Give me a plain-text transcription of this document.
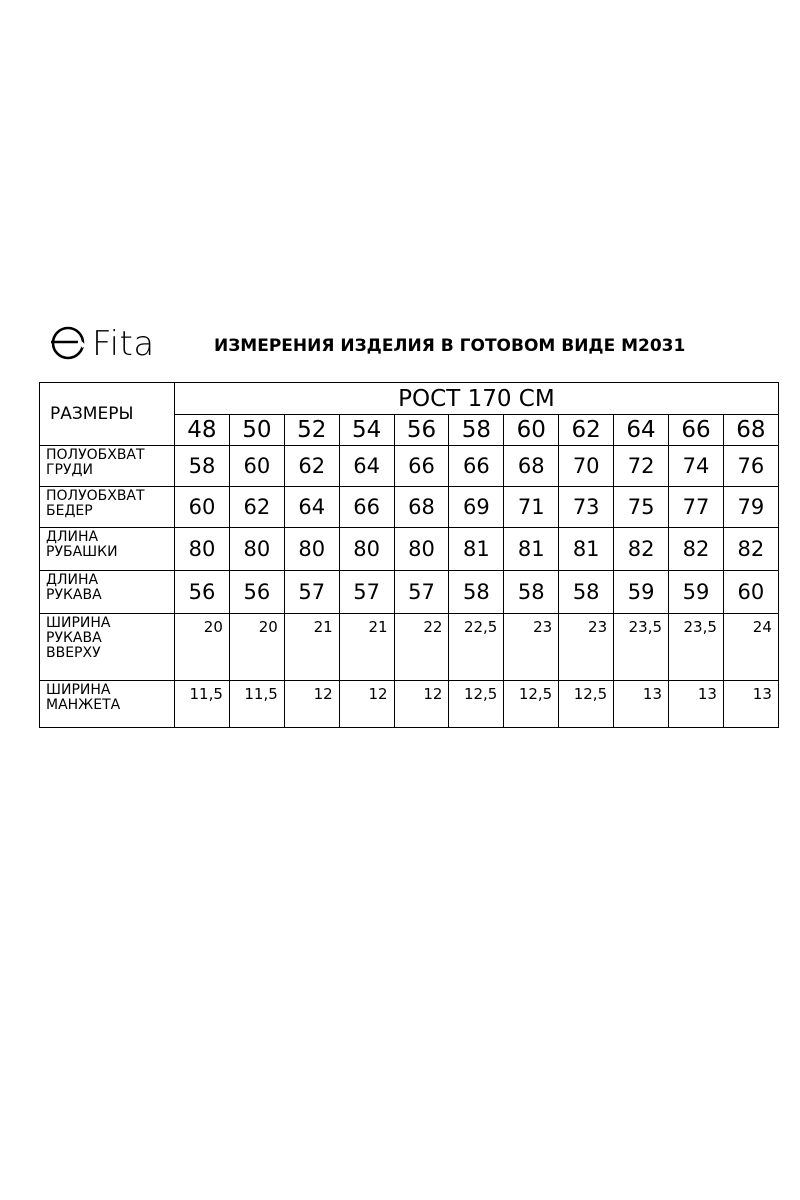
Fita	ИЗМЕРЕНИЯ ИЗДЕЛИЯ В ГОТОВОМ ВИДЕ М2031
РАЗМЕРЫ	РОСТ 170 СМ										
	48	50	52	54	56	58	60	62	64	66	68
ПОЛУОБХВАТ
ГРУДИ	58	60	62	64	66	66	68	70	72	74	76
ПОЛУОБХВАТ
БЕДЕР	60	62	64	66	68	69	71	73	75	77	79
ДЛИНА
РУБАШКИ	80	80	80	80	80	81	81	81	82	82	82
ДЛИНА
РУКАВА	56	56	57	57	57	58	58	58	59	59	60
ШИРИНА
РУКАВА
ВВЕРХУ	20	20	21	21	22	22,5	23	23	23,5	23,5	24
ШИРИНА
МАНЖЕТА	11,5	11,5	12	12	12	12,5	12,5	12,5	13	13	13
